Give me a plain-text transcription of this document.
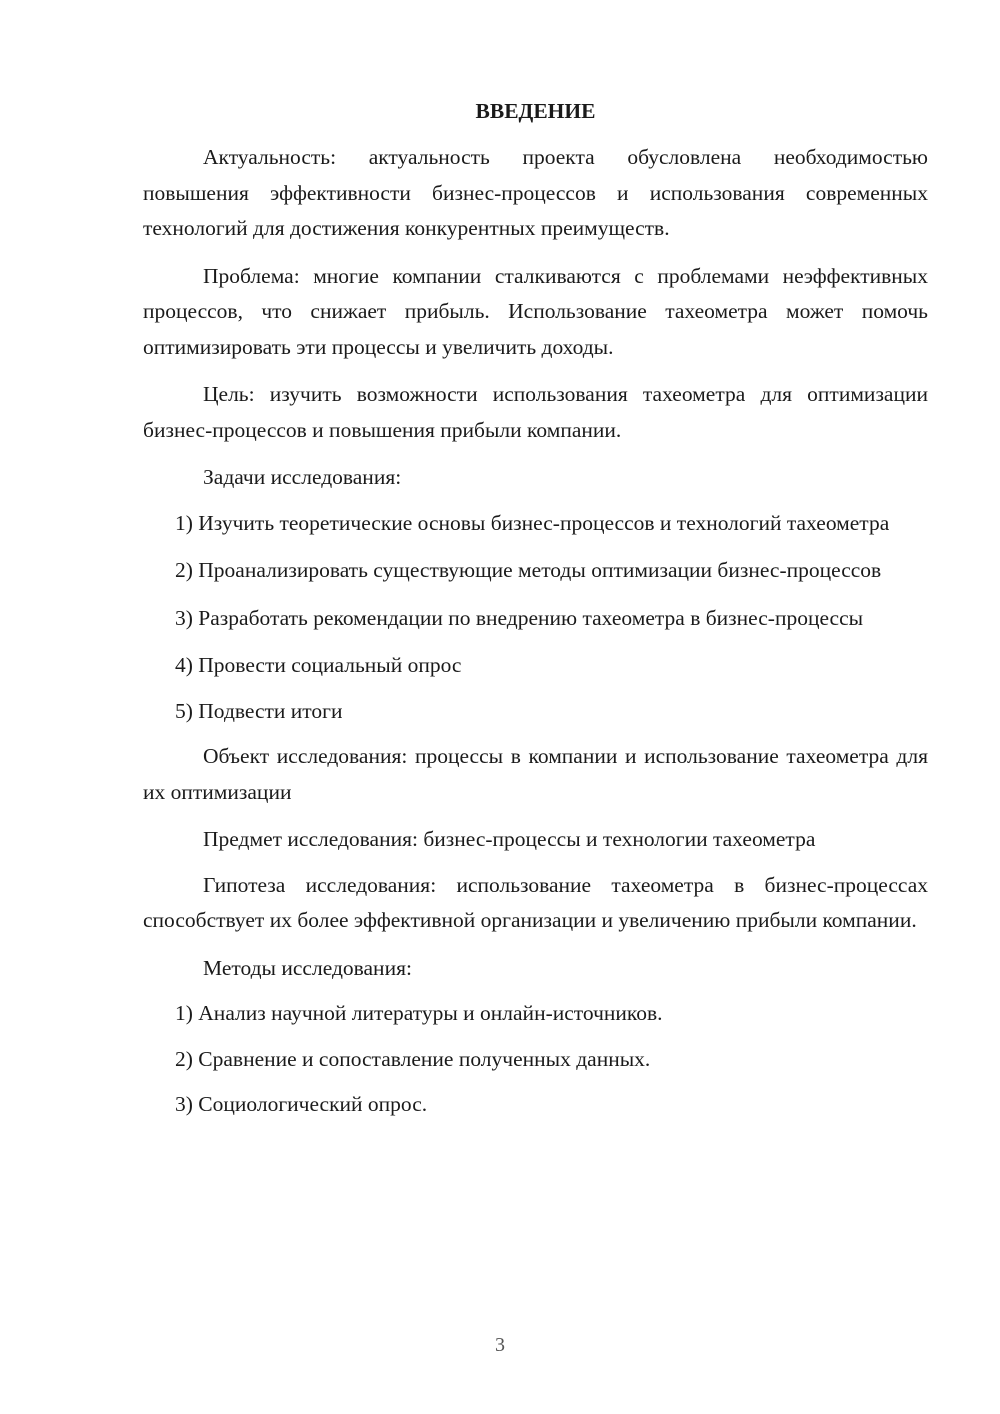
ВВЕДЕНИЕ

Актуальность: актуальность проекта обусловлена необходимостью повышения эффективности бизнес-процессов и использования современных технологий для достижения конкурентных преимуществ.

Проблема: многие компании сталкиваются с проблемами неэффективных процессов, что снижает прибыль. Использование тахеометра может помочь оптимизировать эти процессы и увеличить доходы.

Цель: изучить возможности использования тахеометра для оптимизации бизнес-процессов и повышения прибыли компании.

Задачи исследования:

1) Изучить теоретические основы бизнес-процессов и технологий тахеометра

2) Проанализировать существующие методы оптимизации бизнес-процессов

3) Разработать рекомендации по внедрению тахеометра в бизнес-процессы

4) Провести социальный опрос

5) Подвести итоги

Объект исследования: процессы в компании и использование тахеометра для их оптимизации

Предмет исследования: бизнес-процессы и технологии тахеометра

Гипотеза исследования: использование тахеометра в бизнес-процессах способствует их более эффективной организации и увеличению прибыли компании.

Методы исследования:

1) Анализ научной литературы и онлайн-источников.

2) Сравнение и сопоставление полученных данных.

3) Социологический опрос.

3
